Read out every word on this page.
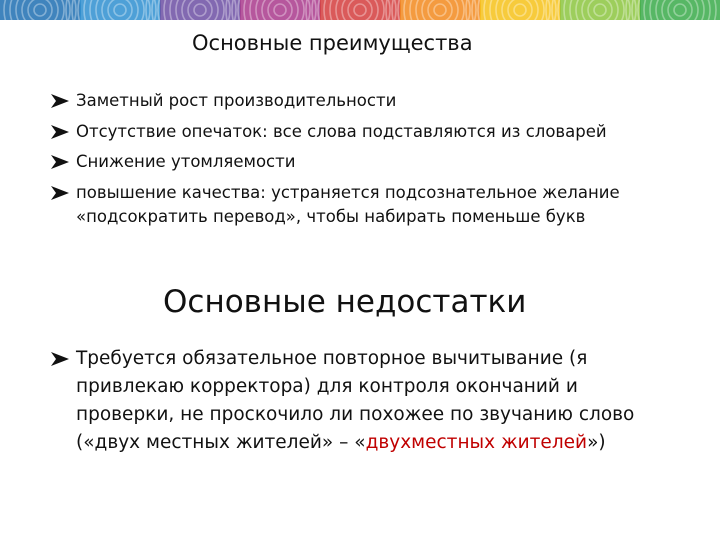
Основные преимущества
Заметный рост производительности
Отсутствие опечаток: все слова подставляются из словарей
Снижение утомляемости
повышение качества: устраняется подсознательное желание
«подсократить перевод», чтобы набирать поменьше букв
Основные недостатки
Требуется обязательное повторное вычитывание (я
привлекаю корректора) для контроля окончаний и
проверки, не проскочило ли похожее по звучанию слово
(«двух местных жителей» – «двухместных жителей»)
